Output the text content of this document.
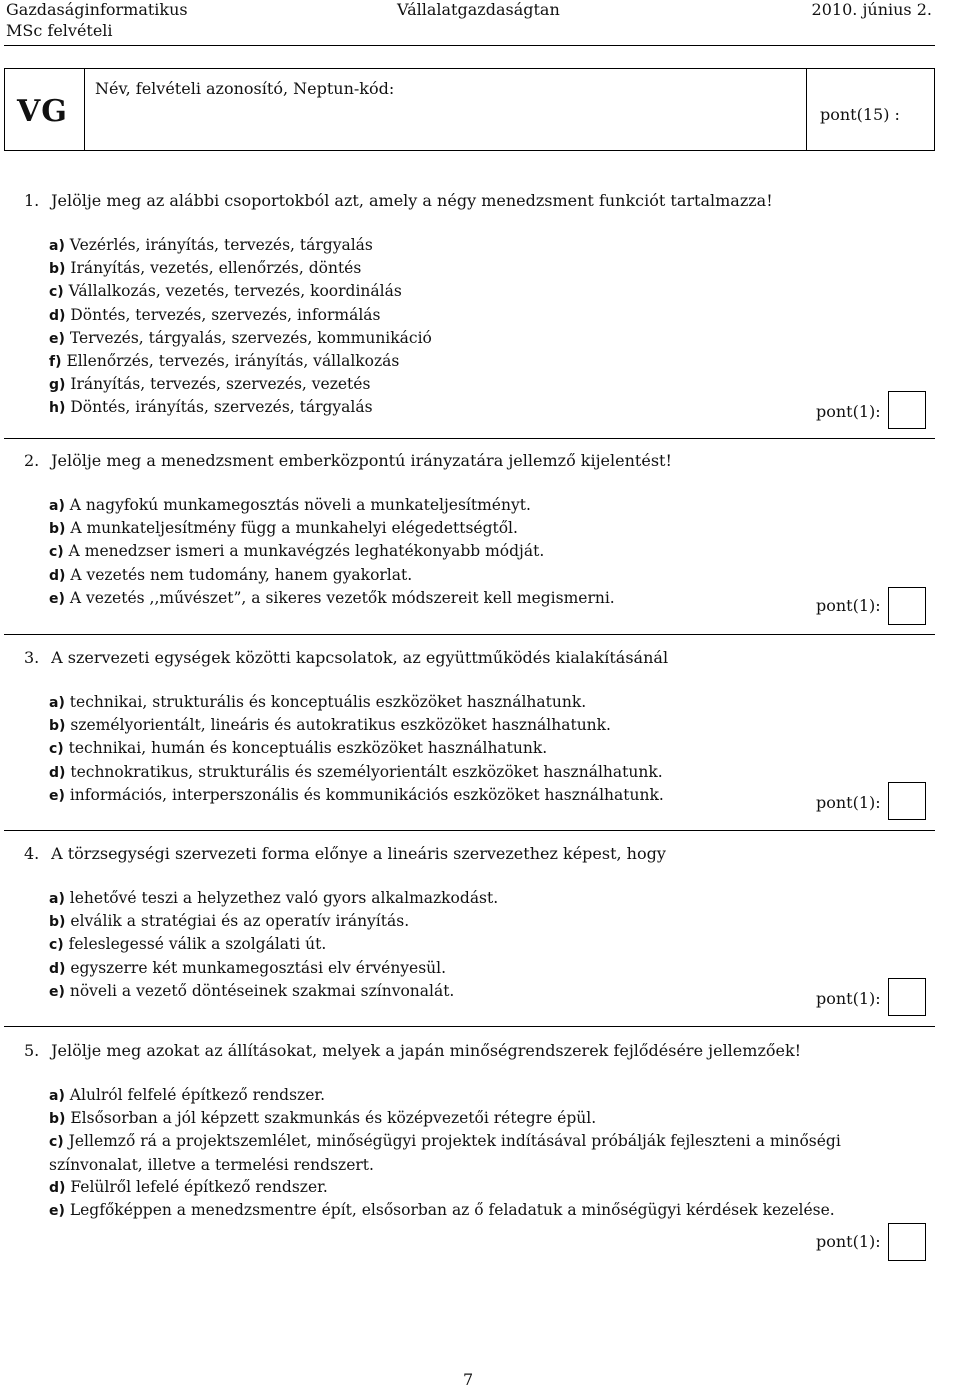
Gazdaságinformatikus
MSc felvételi
Vállalatgazdaságtan	2010. június 2.
VG
Név, felvételi azonosító, Neptun-kód:
pont(15) :
1. Jelölje meg az alábbi csoportokból azt, amely a négy menedzsment funkciót tartalmazza!
a) Vezérlés, irányítás, tervezés, tárgyalás
b) Irányítás, vezetés, ellenőrzés, döntés
c) Vállalkozás, vezetés, tervezés, koordinálás
d) Döntés, tervezés, szervezés, informálás
e) Tervezés, tárgyalás, szervezés, kommunikáció
f) Ellenőrzés, tervezés, irányítás, vállalkozás
g) Irányítás, tervezés, szervezés, vezetés
h) Döntés, irányítás, szervezés, tárgyalás	pont(1):
2. Jelölje meg a menedzsment emberközpontú irányzatára jellemző kijelentést!
a) A nagyfokú munkamegosztás növeli a munkateljesítményt.
b) A munkateljesítmény függ a munkahelyi elégedettségtől.
c) A menedzser ismeri a munkavégzés leghatékonyabb módját.
d) A vezetés nem tudomány, hanem gyakorlat.
e) A vezetés ,,művészet”, a sikeres vezetők módszereit kell megismerni.	pont(1):
3. A szervezeti egységek közötti kapcsolatok, az együttműködés kialakításánál
a) technikai, strukturális és konceptuális eszközöket használhatunk.
b) személyorientált, lineáris és autokratikus eszközöket használhatunk.
c) technikai, humán és konceptuális eszközöket használhatunk.
d) technokratikus, strukturális és személyorientált eszközöket használhatunk.
e) információs, interperszonális és kommunikációs eszközöket használhatunk.	pont(1):
4. A törzsegységi szervezeti forma előnye a lineáris szervezethez képest, hogy
a) lehetővé teszi a helyzethez való gyors alkalmazkodást.
b) elválik a stratégiai és az operatív irányítás.
c) feleslegessé válik a szolgálati út.
d) egyszerre két munkamegosztási elv érvényesül.
e) növeli a vezető döntéseinek szakmai színvonalát.	pont(1):
5. Jelölje meg azokat az állításokat, melyek a japán minőségrendszerek fejlődésére jellemzőek!
a) Alulról felfelé építkező rendszer.
b) Elsősorban a jól képzett szakmunkás és középvezetői rétegre épül.
c) Jellemző rá a projektszemlélet, minőségügyi projektek indításával próbálják fejleszteni a minőségi színvonalat, illetve a termelési rendszert.
d) Felülről lefelé építkező rendszer.
e) Legfőképpen a menedzsmentre épít, elsősorban az ő feladatuk a minőségügyi kérdések kezelése.
pont(1):
7
